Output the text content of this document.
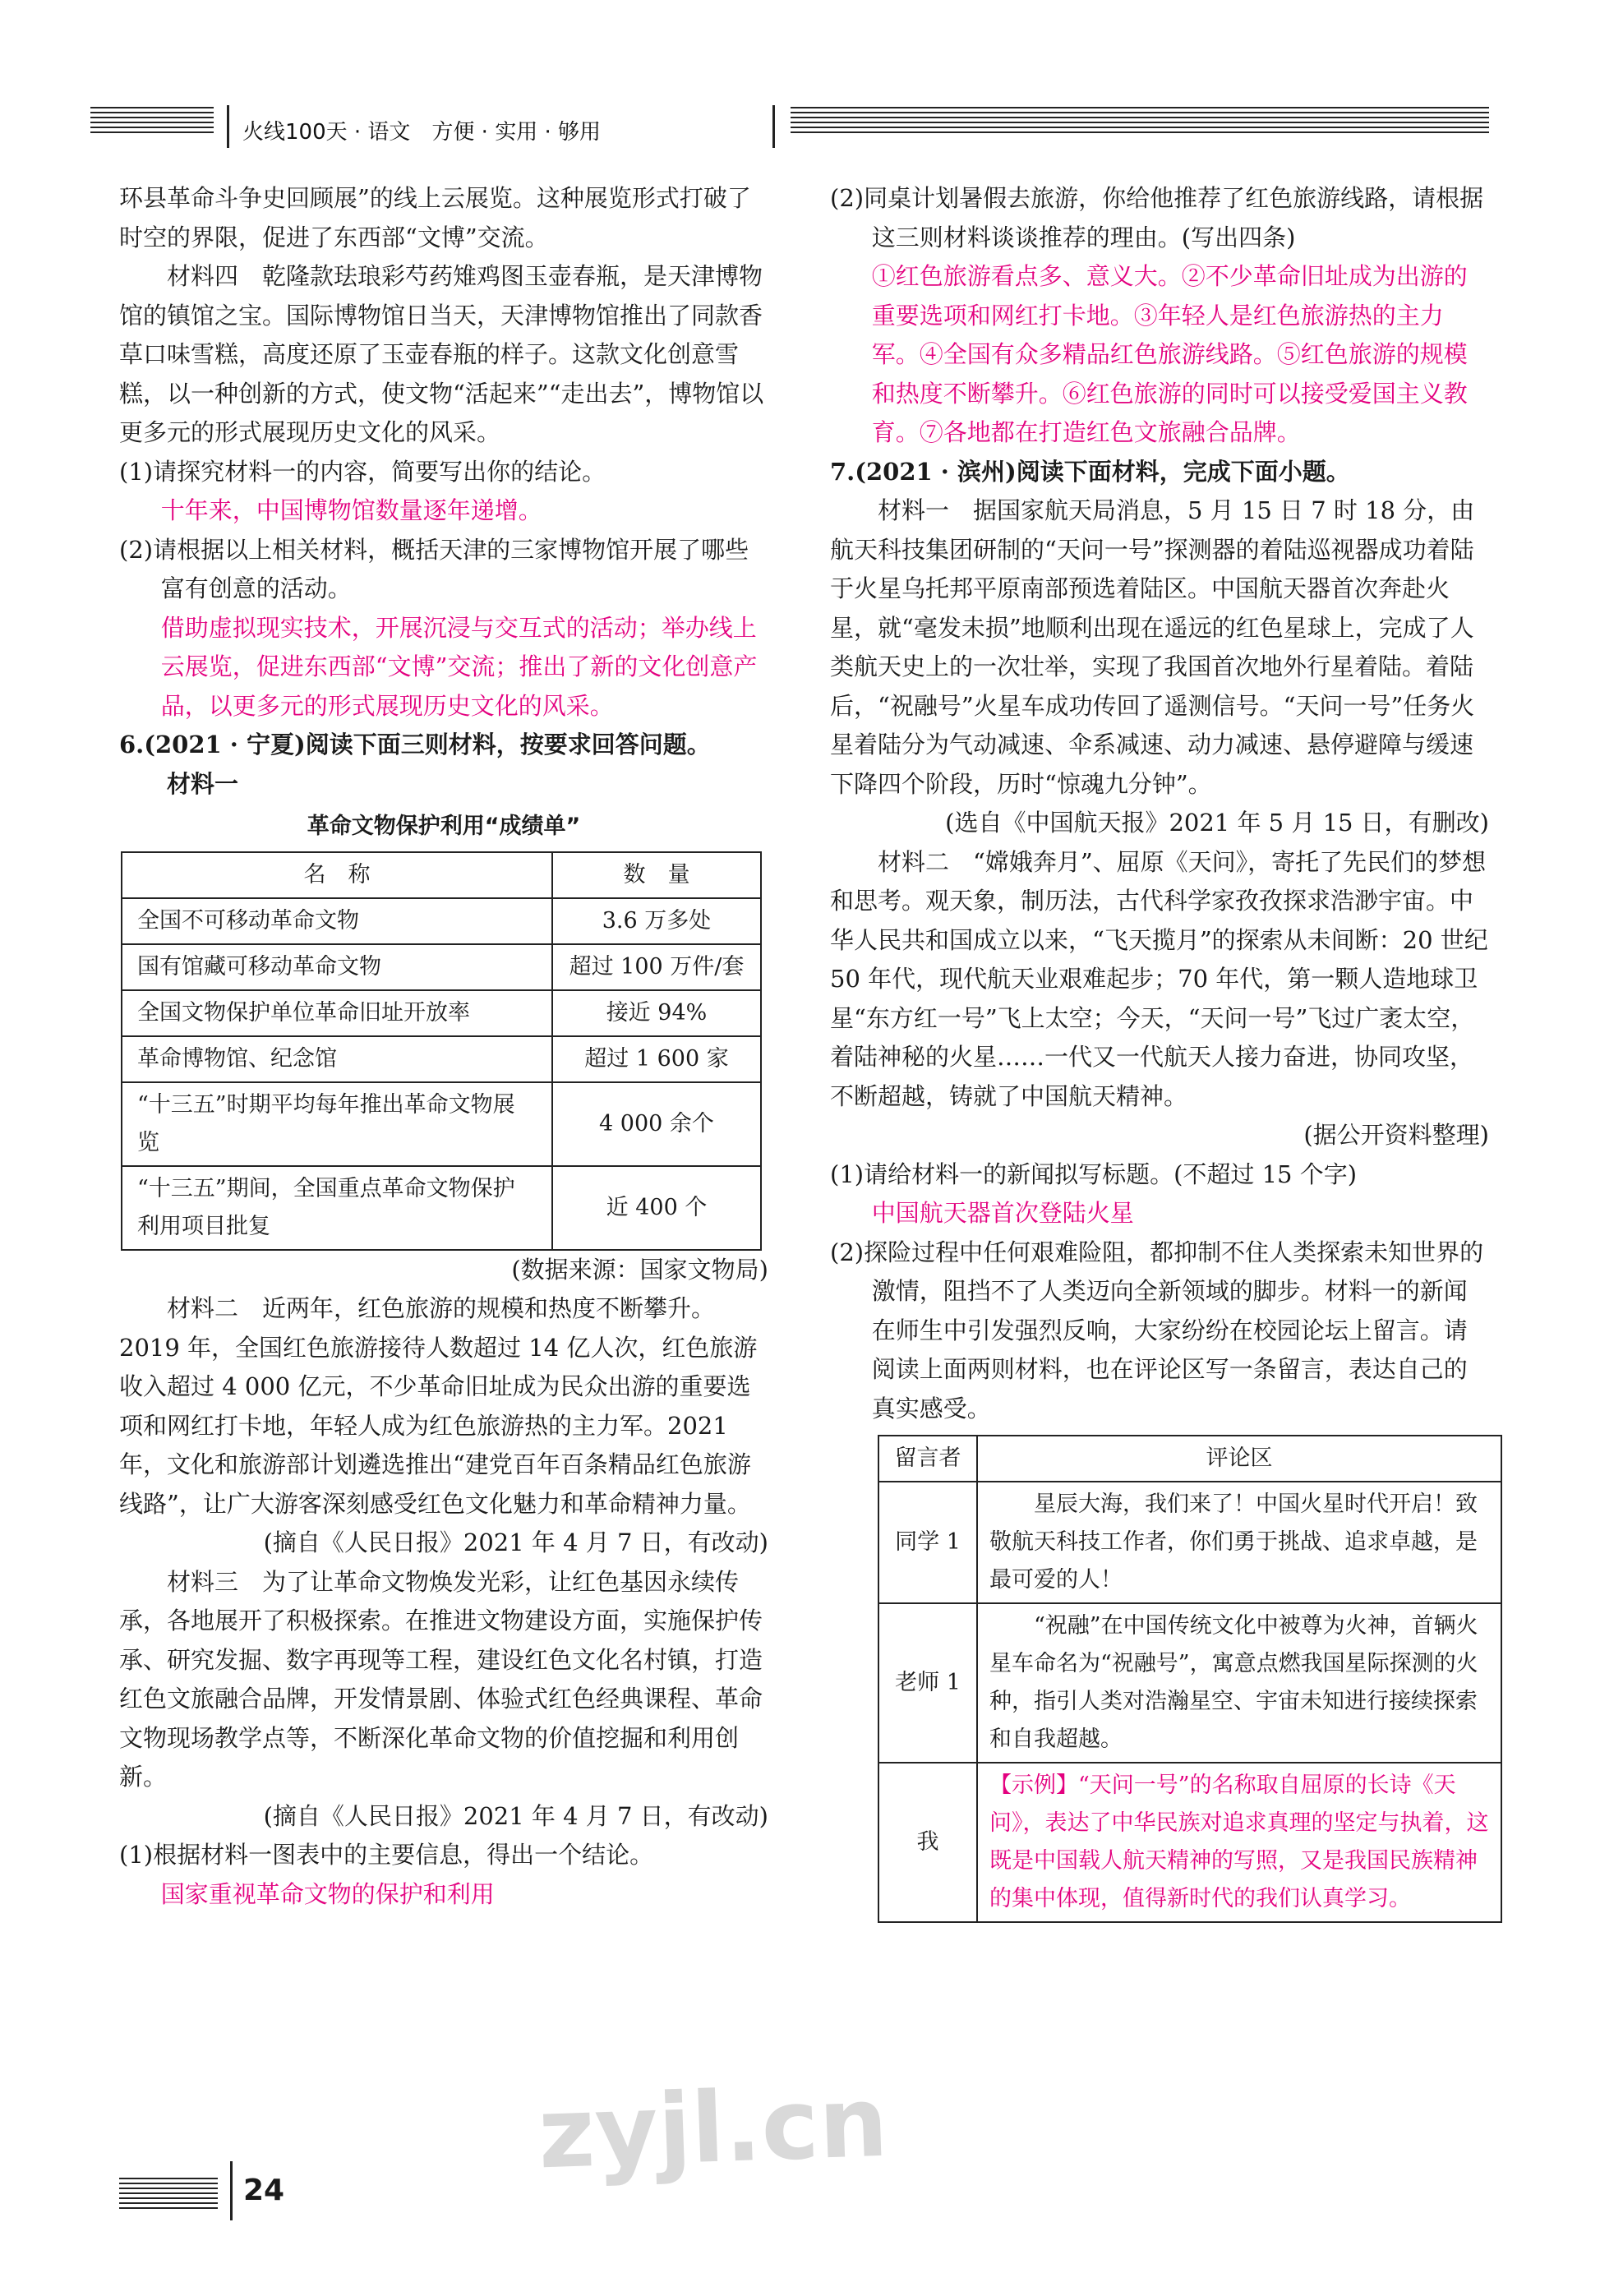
火线100天 · 语文　方便 · 实用 · 够用

环县革命斗争史回顾展”的线上云展览。这种展览形式打破了时空的界限，促进了东西部“文博”交流。

材料四　乾隆款珐琅彩芍药雉鸡图玉壶春瓶，是天津博物馆的镇馆之宝。国际博物馆日当天，天津博物馆推出了同款香草口味雪糕，高度还原了玉壶春瓶的样子。这款文化创意雪糕，以一种创新的方式，使文物“活起来”“走出去”，博物馆以更多元的形式展现历史文化的风采。

(1)请探究材料一的内容，简要写出你的结论。

十年来，中国博物馆数量逐年递增。

(2)请根据以上相关材料，概括天津的三家博物馆开展了哪些富有创意的活动。

借助虚拟现实技术，开展沉浸与交互式的活动；举办线上云展览，促进东西部“文博”交流；推出了新的文化创意产品，以更多元的形式展现历史文化的风采。

6.(2021 · 宁夏)阅读下面三则材料，按要求回答问题。

材料一

革命文物保护利用“成绩单”
名　称	数　量
全国不可移动革命文物	3.6 万多处
国有馆藏可移动革命文物	超过 100 万件/套
全国文物保护单位革命旧址开放率	接近 94%
革命博物馆、纪念馆	超过 1 600 家
“十三五”时期平均每年推出革命文物展览	4 000 余个
“十三五”期间，全国重点革命文物保护利用项目批复	近 400 个

(数据来源：国家文物局)

材料二　近两年，红色旅游的规模和热度不断攀升。2019 年，全国红色旅游接待人数超过 14 亿人次，红色旅游收入超过 4 000 亿元，不少革命旧址成为民众出游的重要选项和网红打卡地，年轻人成为红色旅游热的主力军。2021 年，文化和旅游部计划遴选推出“建党百年百条精品红色旅游线路”，让广大游客深刻感受红色文化魅力和革命精神力量。

(摘自《人民日报》2021 年 4 月 7 日，有改动)

材料三　为了让革命文物焕发光彩，让红色基因永续传承，各地展开了积极探索。在推进文物建设方面，实施保护传承、研究发掘、数字再现等工程，建设红色文化名村镇，打造红色文旅融合品牌，开发情景剧、体验式红色经典课程、革命文物现场教学点等，不断深化革命文物的价值挖掘和利用创新。

(摘自《人民日报》2021 年 4 月 7 日，有改动)

(1)根据材料一图表中的主要信息，得出一个结论。

国家重视革命文物的保护和利用

(2)同桌计划暑假去旅游，你给他推荐了红色旅游线路，请根据这三则材料谈谈推荐的理由。(写出四条)

①红色旅游看点多、意义大。②不少革命旧址成为出游的重要选项和网红打卡地。③年轻人是红色旅游热的主力军。④全国有众多精品红色旅游线路。⑤红色旅游的规模和热度不断攀升。⑥红色旅游的同时可以接受爱国主义教育。⑦各地都在打造红色文旅融合品牌。

7.(2021 · 滨州)阅读下面材料，完成下面小题。

材料一　据国家航天局消息，5 月 15 日 7 时 18 分，由航天科技集团研制的“天问一号”探测器的着陆巡视器成功着陆于火星乌托邦平原南部预选着陆区。中国航天器首次奔赴火星，就“毫发未损”地顺利出现在遥远的红色星球上，完成了人类航天史上的一次壮举，实现了我国首次地外行星着陆。着陆后，“祝融号”火星车成功传回了遥测信号。“天问一号”任务火星着陆分为气动减速、伞系减速、动力减速、悬停避障与缓速下降四个阶段，历时“惊魂九分钟”。

(选自《中国航天报》2021 年 5 月 15 日，有删改)

材料二　“嫦娥奔月”、屈原《天问》，寄托了先民们的梦想和思考。观天象，制历法，古代科学家孜孜探求浩渺宇宙。中华人民共和国成立以来，“飞天揽月”的探索从未间断：20 世纪 50 年代，现代航天业艰难起步；70 年代，第一颗人造地球卫星“东方红一号”飞上太空；今天，“天问一号”飞过广袤太空，着陆神秘的火星……一代又一代航天人接力奋进，协同攻坚，不断超越，铸就了中国航天精神。

(据公开资料整理)

(1)请给材料一的新闻拟写标题。(不超过 15 个字)

中国航天器首次登陆火星

(2)探险过程中任何艰难险阻，都抑制不住人类探索未知世界的激情，阻挡不了人类迈向全新领域的脚步。材料一的新闻在师生中引发强烈反响，大家纷纷在校园论坛上留言。请阅读上面两则材料，也在评论区写一条留言，表达自己的真实感受。

留言者	评论区
同学 1	星辰大海，我们来了！中国火星时代开启！致敬航天科技工作者，你们勇于挑战、追求卓越，是最可爱的人！
老师 1	“祝融”在中国传统文化中被尊为火神，首辆火星车命名为“祝融号”，寓意点燃我国星际探测的火种，指引人类对浩瀚星空、宇宙未知进行接续探索和自我超越。
我	【示例】“天问一号”的名称取自屈原的长诗《天问》，表达了中华民族对追求真理的坚定与执着，这既是中国载人航天精神的写照，又是我国民族精神的集中体现，值得新时代的我们认真学习。
24
zyjl.cn
